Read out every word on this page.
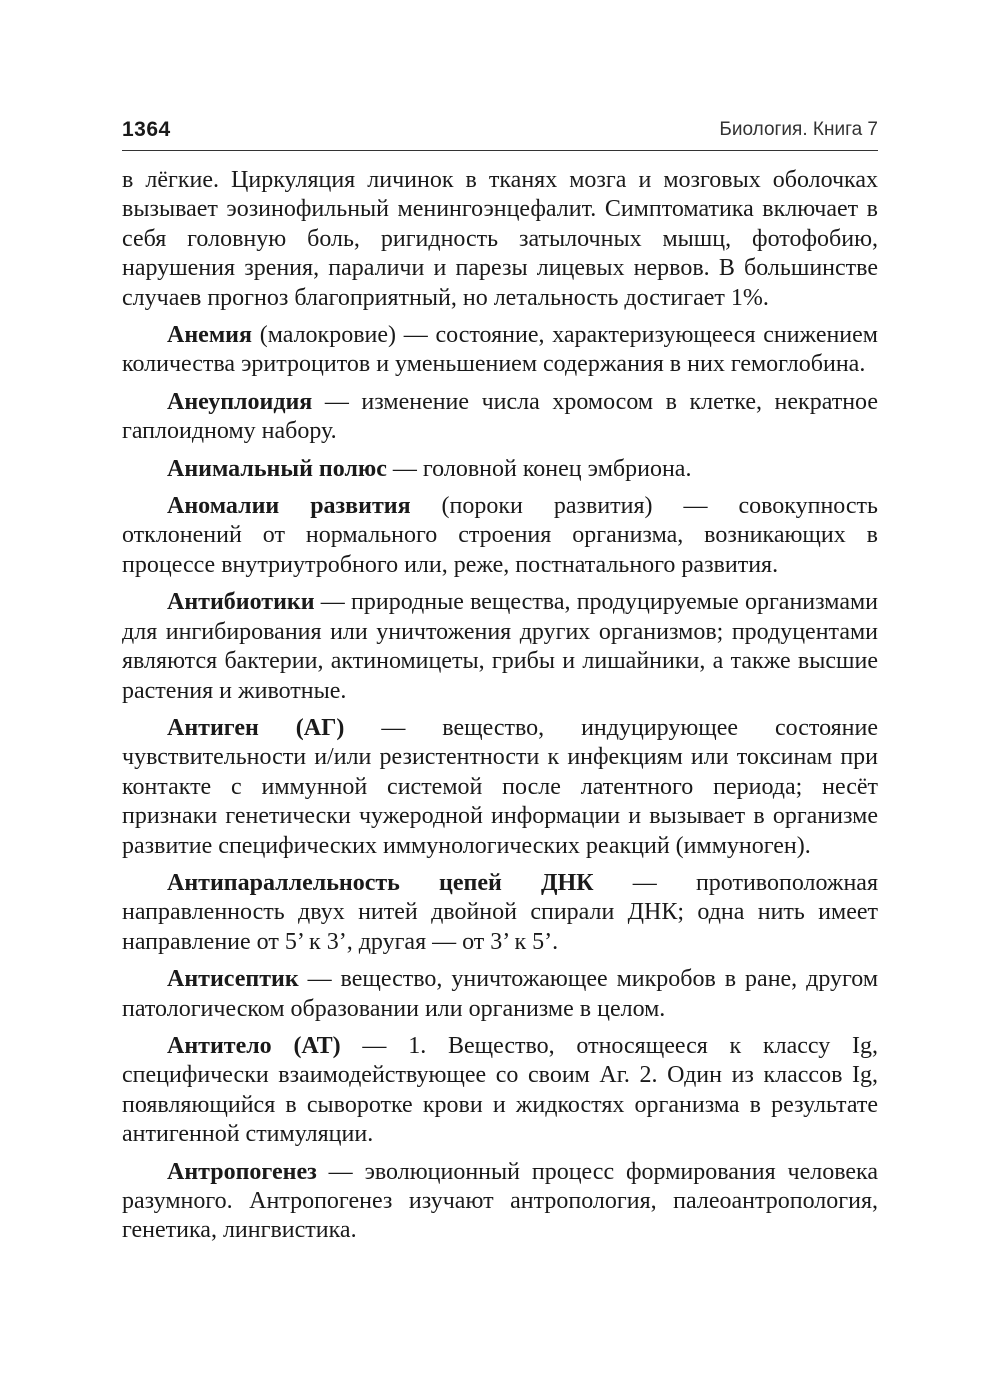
1364	Биология. Книга 7

в лёгкие. Циркуляция личинок в тканях мозга и мозговых оболочках вызывает эозинофильный менингоэнцефалит. Симптоматика включает в себя головную боль, ригидность затылочных мышц, фотофобию, нарушения зрения, параличи и парезы лицевых нервов. В большинстве случаев прогноз благоприятный, но летальность достигает 1%.

Анемия (малокровие) — состояние, характеризующееся снижением количества эритроцитов и уменьшением содержания в них гемоглобина.

Анеуплоидия — изменение числа хромосом в клетке, некратное гаплоидному набору.

Анимальный полюс — головной конец эмбриона.

Аномалии развития (пороки развития) — совокупность отклонений от нормального строения организма, возникающих в процессе внутриутробного или, реже, постнатального развития.

Антибиотики — природные вещества, продуцируемые организмами для ингибирования или уничтожения других организмов; продуцентами являются бактерии, актиномицеты, грибы и лишайники, а также высшие растения и животные.

Антиген (АГ) — вещество, индуцирующее состояние чувствительности и/или резистентности к инфекциям или токсинам при контакте с иммунной системой после латентного периода; несёт признаки генетически чужеродной информации и вызывает в организме развитие специфических иммунологических реакций (иммуноген).

Антипараллельность цепей ДНК — противоположная направленность двух нитей двойной спирали ДНК; одна нить имеет направление от 5’ к 3’, другая — от 3’ к 5’.

Антисептик — вещество, уничтожающее микробов в ране, другом патологическом образовании или организме в целом.

Антитело (АТ) — 1. Вещество, относящееся к классу Ig, специфически взаимодействующее со своим Аг. 2. Один из классов Ig, появляющийся в сыворотке крови и жидкостях организма в результате антигенной стимуляции.

Антропогенез — эволюционный процесс формирования человека разумного. Антропогенез изучают антропология, палеоантропология, генетика, лингвистика.
